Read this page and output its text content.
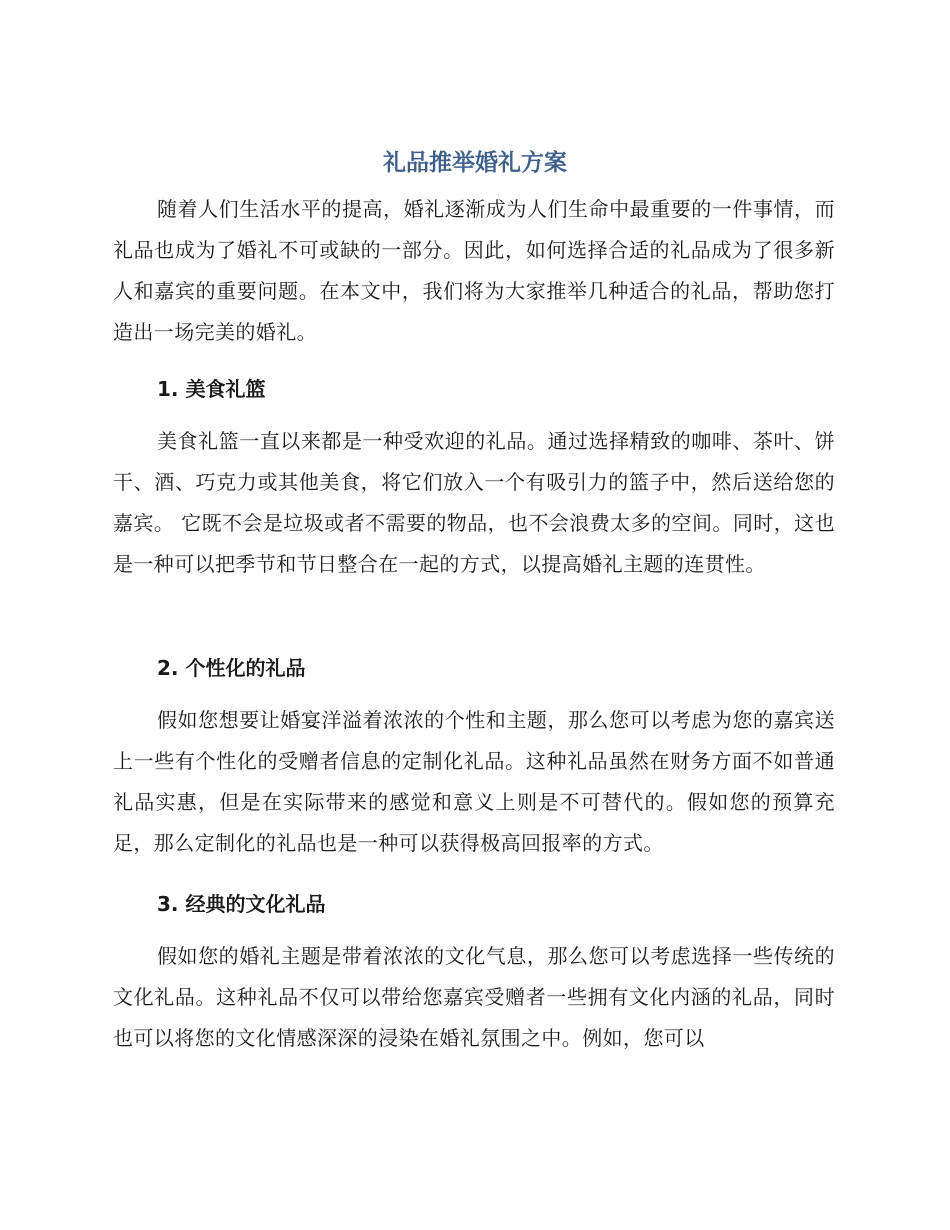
礼品推举婚礼方案

随着人们生活水平的提高，婚礼逐渐成为人们生命中最重要的一件事情，而礼品也成为了婚礼不可或缺的一部分。因此，如何选择合适的礼品成为了很多新人和嘉宾的重要问题。在本文中，我们将为大家推举几种适合的礼品，帮助您打造出一场完美的婚礼。

1. 美食礼篮

美食礼篮一直以来都是一种受欢迎的礼品。通过选择精致的咖啡、茶叶、饼干、酒、巧克力或其他美食，将它们放入一个有吸引力的篮子中，然后送给您的嘉宾。 它既不会是垃圾或者不需要的物品，也不会浪费太多的空间。同时，这也是一种可以把季节和节日整合在一起的方式，以提高婚礼主题的连贯性。

2. 个性化的礼品

假如您想要让婚宴洋溢着浓浓的个性和主题，那么您可以考虑为您的嘉宾送上一些有个性化的受赠者信息的定制化礼品。这种礼品虽然在财务方面不如普通礼品实惠，但是在实际带来的感觉和意义上则是不可替代的。假如您的预算充足，那么定制化的礼品也是一种可以获得极高回报率的方式。

3. 经典的文化礼品

假如您的婚礼主题是带着浓浓的文化气息，那么您可以考虑选择一些传统的文化礼品。这种礼品不仅可以带给您嘉宾受赠者一些拥有文化内涵的礼品，同时也可以将您的文化情感深深的浸染在婚礼氛围之中。例如，您可以
